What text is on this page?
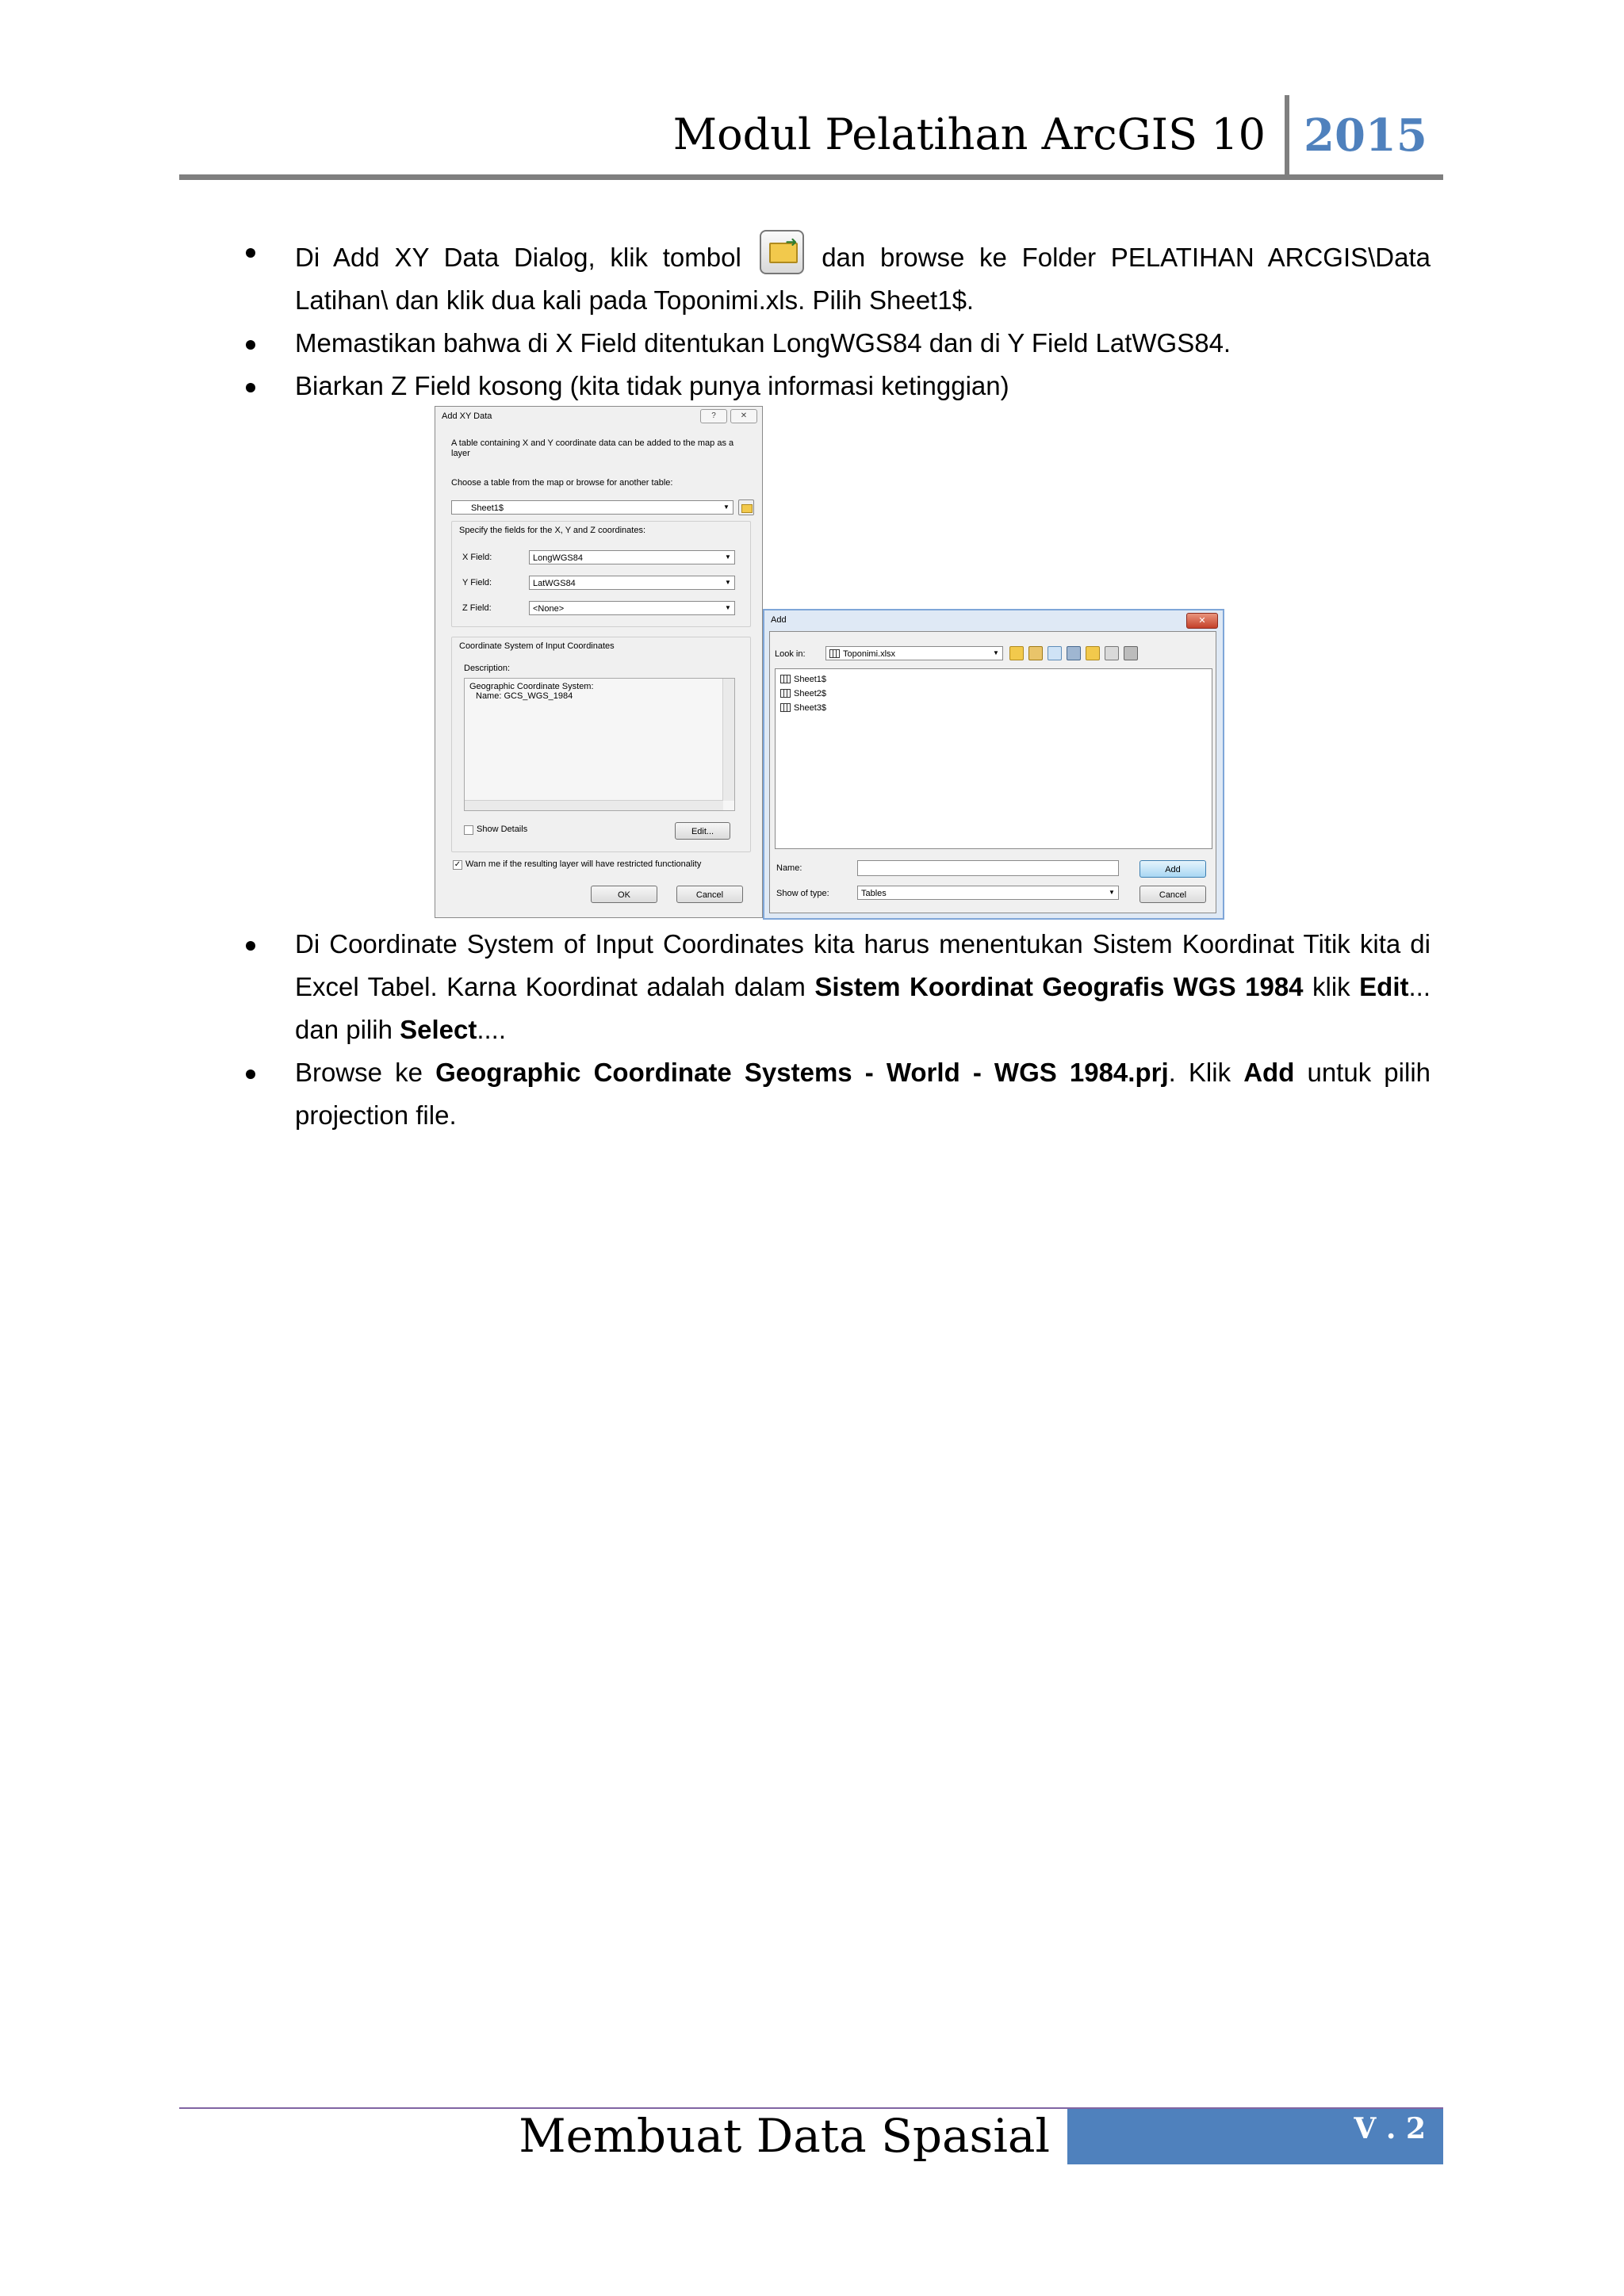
Modul Pelatihan ArcGIS 10 2015
Di Add XY Data Dialog, klik tombol
➜
dan browse ke Folder PELATIHAN ARCGIS\Data Latihan\ dan klik dua kali pada Toponimi.xls. Pilih Sheet1$.
Memastikan bahwa di X Field ditentukan LongWGS84 dan di Y Field LatWGS84.
Biarkan Z Field kosong (kita tidak punya informasi ketinggian)
Add XY Data	?	✕
A table containing X and Y coordinate data can be added to the map as a layer
Choose a table from the map or browse for another table:
Sheet1$	▼
Specify the fields for the X, Y and Z coordinates:
X Field:	LongWGS84	▼
Y Field:	LatWGS84	▼
Z Field:	<None>	▼
Coordinate System of Input Coordinates
Description:
Geographic Coordinate System:
Name: GCS_WGS_1984
Show Details	Edit...
✓ Warn me if the resulting layer will have restricted functionality
OK	Cancel
Add	✕
Look in:	Toponimi.xlsx	▼
Sheet1$
Sheet2$
Sheet3$
Name:	Add
Show of type:	Tables	▼	Cancel
Di Coordinate System of Input Coordinates kita harus menentukan Sistem Koordinat Titik kita di Excel Tabel. Karna Koordinat adalah dalam Sistem Koordinat Geografis WGS 1984 klik Edit... dan pilih Select....
Browse ke Geographic Coordinate Systems - World - WGS 1984.prj. Klik Add untuk pilih projection file.
Membuat Data Spasial	V . 2
